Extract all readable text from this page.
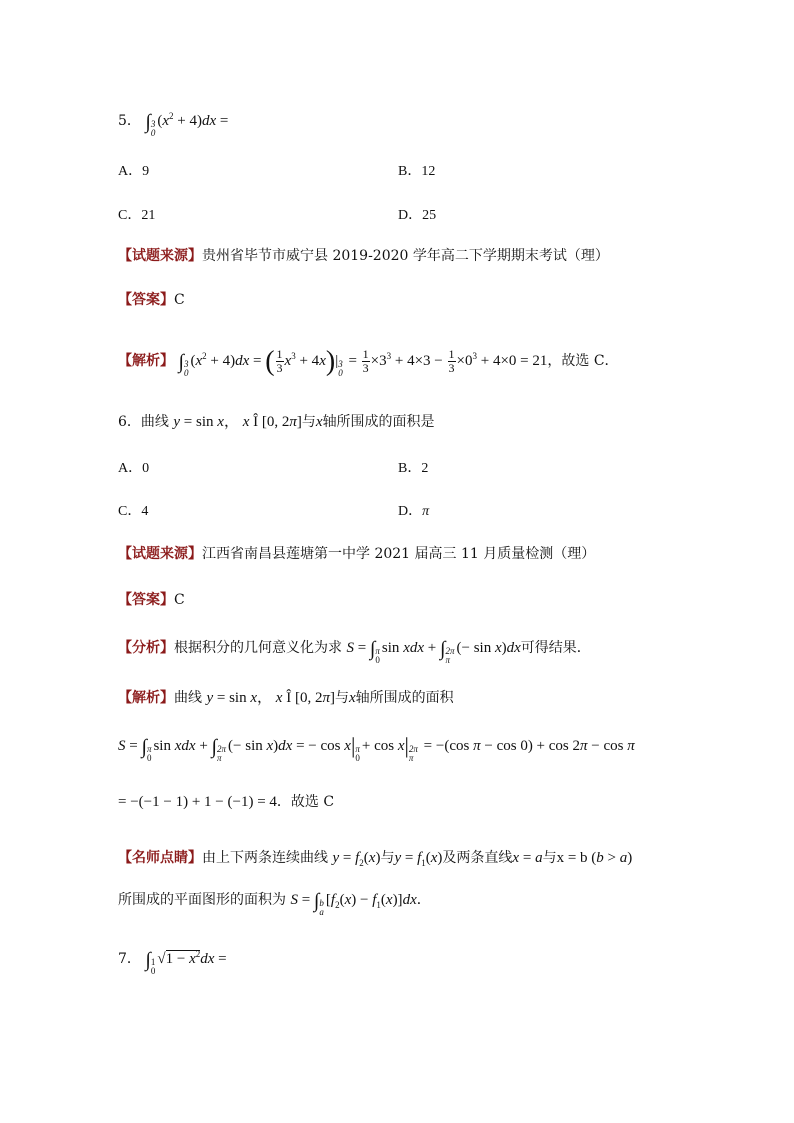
5． ∫ 3
0
$(x^2 + 4)dx$ =
A．9	B．12
C．21	D．25
【试题来源】贵州省毕节市威宁县 2019-2020 学年高二下学期期末考试（理）
【答案】C
【解析】 ∫ 3
0
$(x^2 + 4)dx$ = ( $\frac{1}{3} x^3 + 4x)|$ 3
0
= $\frac{1}{3} \times 3^3 + 4\times 3 - \frac{1}{3} \times 0^3 + 4\times 0 = 21$，故选 C．
6．曲线 y = sin x， x Î [0, 2π]与x轴所围成的面积是
A．0	B．2
C．4	D．π
【试题来源】江西省南昌县莲塘第一中学 2021 届高三 11 月质量检测（理）
【答案】C
【分析】根据积分的几何意义化为求 S = ∫ π
0
sin xdx + ∫ 2π
π
(− sin x)dx可得结果．
【解析】曲线 y = sin x， x Î [0, 2π]与x轴所围成的面积
S = ∫ π
0
sin xdx + ∫ 2π
π
(− sin x)dx = − cos x| π
0
+ cos x| 2π
π
= −(cos π − cos 0) + cos 2π − cos π
= −(−1 − 1) + 1 − (−1) = 4．故选 C
【名师点睛】由上下两条连续曲线 $y = f_2(x)$与$y = f_1(x)$及两条直线x = a与x = b (b > a)
所围成的平面图形的面积为 S = ∫ b
a
$[f_2(x) - f_1(x)]dx$．
7． ∫ 1
0
$√1 - x^2dx$ =
